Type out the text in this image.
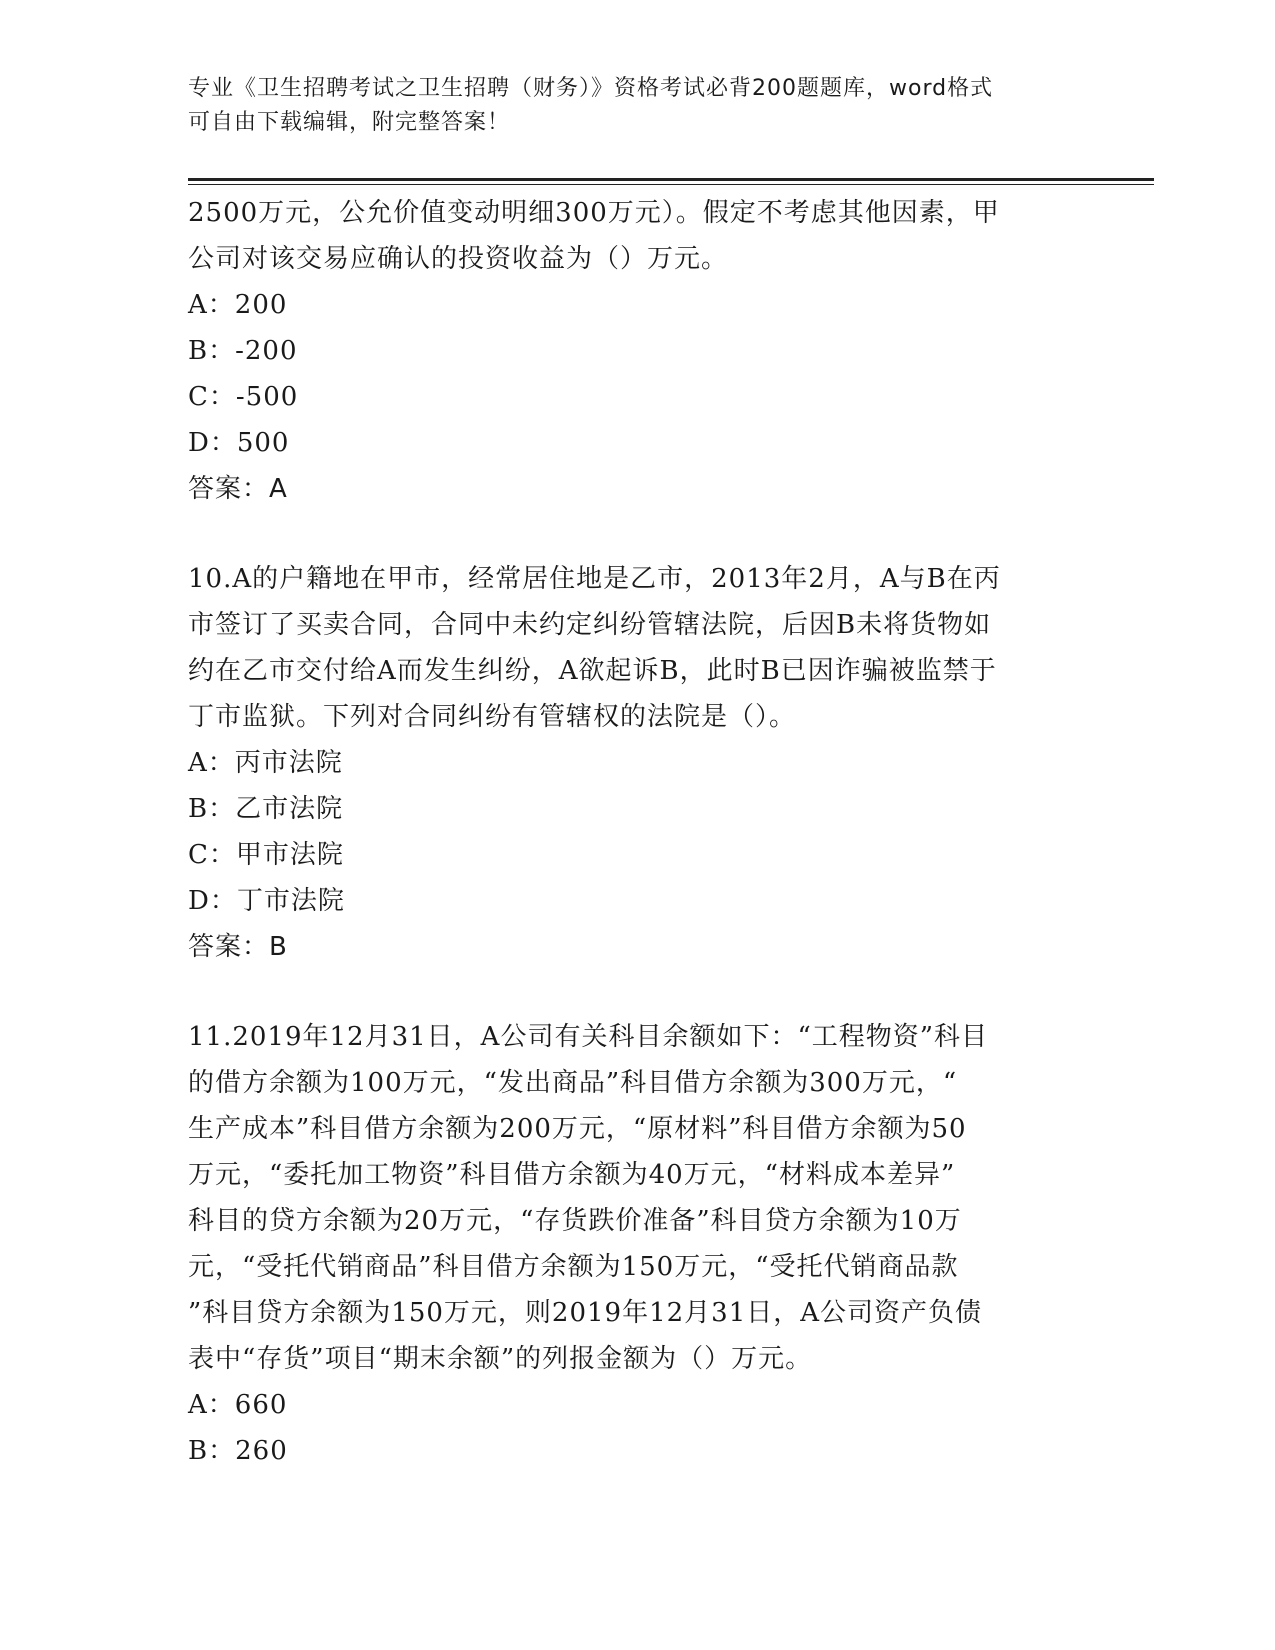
专业《卫生招聘考试之卫生招聘（财务）》资格考试必背200题题库，word格式
可自由下载编辑，附完整答案！

2500万元，公允价值变动明细300万元）。假定不考虑其他因素，甲

公司对该交易应确认的投资收益为（）万元。

A：200

B：-200

C：-500

D：500

答案：A

10.A的户籍地在甲市，经常居住地是乙市，2013年2月，A与B在丙

市签订了买卖合同，合同中未约定纠纷管辖法院，后因B未将货物如

约在乙市交付给A而发生纠纷，A欲起诉B，此时B已因诈骗被监禁于

丁市监狱。下列对合同纠纷有管辖权的法院是（）。

A：丙市法院

B：乙市法院

C：甲市法院

D：丁市法院

答案：B

11.2019年12月31日，A公司有关科目余额如下：“工程物资”科目

的借方余额为100万元，“发出商品”科目借方余额为300万元，“

生产成本”科目借方余额为200万元，“原材料”科目借方余额为50

万元，“委托加工物资”科目借方余额为40万元，“材料成本差异”

科目的贷方余额为20万元，“存货跌价准备”科目贷方余额为10万

元，“受托代销商品”科目借方余额为150万元，“受托代销商品款

”科目贷方余额为150万元，则2019年12月31日，A公司资产负债

表中“存货”项目“期末余额”的列报金额为（）万元。

A：660

B：260
